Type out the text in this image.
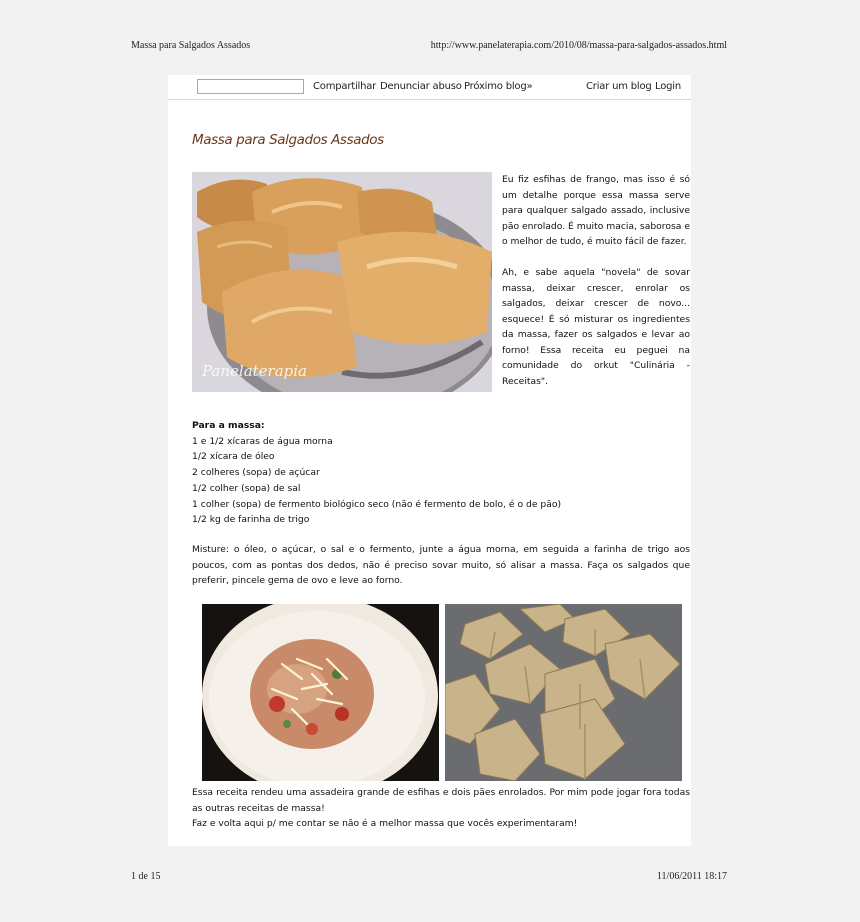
Massa para Salgados Assados	http://www.panelaterapia.com/2010/08/massa-para-salgados-assados.html
Compartilhar Denunciar abuso Próximo blog»	Criar um blog Login
Massa para Salgados Assados
Panelaterapia

Eu fiz esfihas de frango, mas isso é só um detalhe porque essa massa serve para qualquer salgado assado, inclusive pão enrolado. É muito macia, saborosa e o melhor de tudo, é muito fácil de fazer.

Ah, e sabe aquela "novela" de sovar massa, deixar crescer, enrolar os salgados, deixar crescer de novo... esquece! É só misturar os ingredientes da massa, fazer os salgados e levar ao forno! Essa receita eu peguei na comunidade do orkut "Culinária - Receitas".

Para a massa:
1 e 1/2 xícaras de água morna
1/2 xícara de óleo
2 colheres (sopa) de açúcar
1/2 colher (sopa) de sal
1 colher (sopa) de fermento biológico seco (não é fermento de bolo, é o de pão)
1/2 kg de farinha de trigo
Misture: o óleo, o açúcar, o sal e o fermento, junte a água morna, em seguida a farinha de trigo aos poucos, com as pontas dos dedos, não é preciso sovar muito, só alisar a massa. Faça os salgados que preferir, pincele gema de ovo e leve ao forno.

Essa receita rendeu uma assadeira grande de esfihas e dois pães enrolados. Por mim pode jogar fora todas as outras receitas de massa!

Faz e volta aqui p/ me contar se não é a melhor massa que vocês experimentaram!

1 de 15	11/06/2011 18:17
